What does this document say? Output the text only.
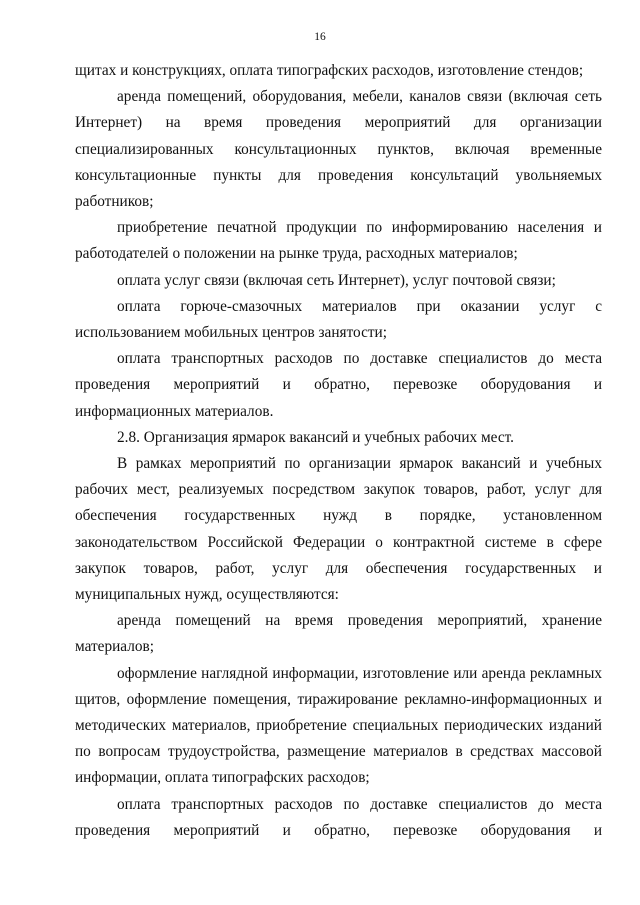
16

щитах и конструкциях, оплата типографских расходов, изготовление стендов;

аренда помещений, оборудования, мебели, каналов связи (включая сеть Интернет) на время проведения мероприятий для организации специализированных консультационных пунктов, включая временные консультационные пункты для проведения консультаций увольняемых работников;

приобретение печатной продукции по информированию населения и работодателей о положении на рынке труда, расходных материалов;

оплата услуг связи (включая сеть Интернет), услуг почтовой связи;

оплата горюче-смазочных материалов при оказании услуг с использованием мобильных центров занятости;

оплата транспортных расходов по доставке специалистов до места проведения мероприятий и обратно, перевозке оборудования и информационных материалов.

2.8. Организация ярмарок вакансий и учебных рабочих мест.

В рамках мероприятий по организации ярмарок вакансий и учебных рабочих мест, реализуемых посредством закупок товаров, работ, услуг для обеспечения государственных нужд в порядке, установленном законодательством Российской Федерации о контрактной системе в сфере закупок товаров, работ, услуг для обеспечения государственных и муниципальных нужд, осуществляются:

аренда помещений на время проведения мероприятий, хранение материалов;

оформление наглядной информации, изготовление или аренда рекламных щитов, оформление помещения, тиражирование рекламно-информационных и методических материалов, приобретение специальных периодических изданий по вопросам трудоустройства, размещение материалов в средствах массовой информации, оплата типографских расходов;

оплата транспортных расходов по доставке специалистов до места проведения мероприятий и обратно, перевозке оборудования и
